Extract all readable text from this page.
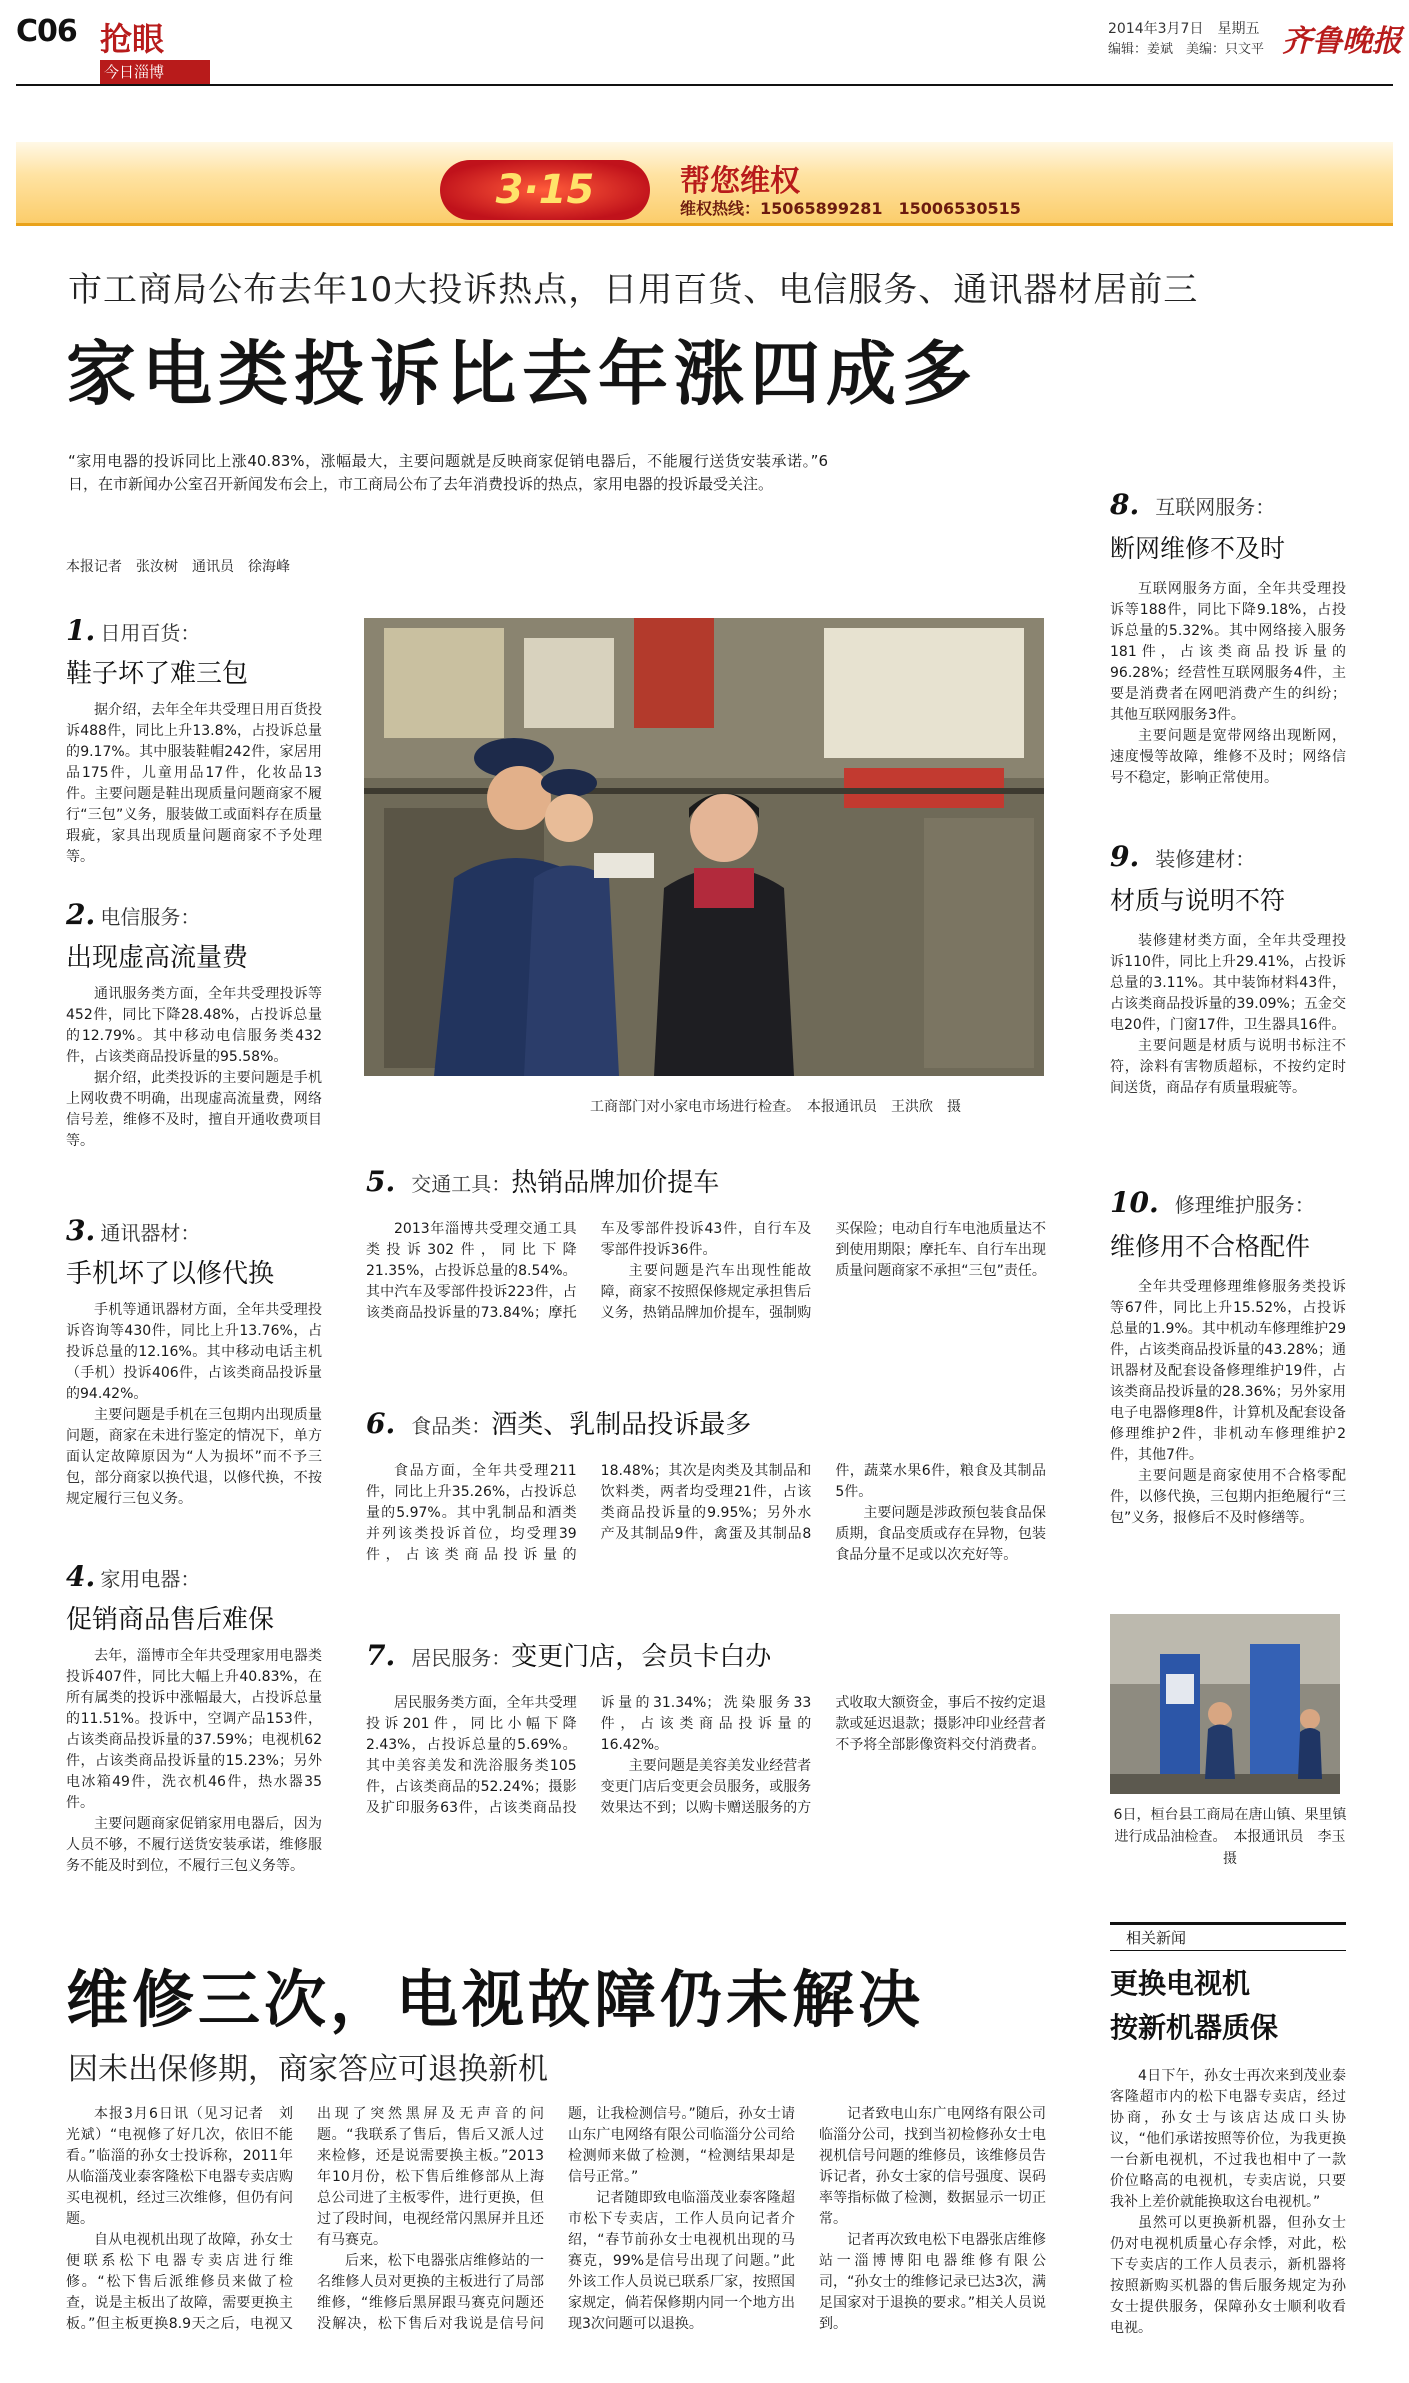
C06 抢眼
今日淄博
2014年3月7日　星期五
编辑：姜斌　美编：只文平 齐鲁晚报
3·15	帮您维权
维权热线：15065899281　15006530515
市工商局公布去年10大投诉热点，日用百货、电信服务、通讯器材居前三
家电类投诉比去年涨四成多
“家用电器的投诉同比上涨40.83%，涨幅最大，主要问题就是反映商家促销电器后，不能履行送货安装承诺。”6日，在市新闻办公室召开新闻发布会上，市工商局公布了去年消费投诉的热点，家用电器的投诉最受关注。
本报记者　张汝树　通讯员　徐海峰
1. 日用百货：
鞋子坏了难三包

据介绍，去年全年共受理日用百货投诉488件，同比上升13.8%，占投诉总量的9.17%。其中服装鞋帽242件，家居用品175件，儿童用品17件，化妆品13件。主要问题是鞋出现质量问题商家不履行“三包”义务，服装做工或面料存在质量瑕疵，家具出现质量问题商家不予处理等。

2. 电信服务：
出现虚高流量费

通讯服务类方面，全年共受理投诉等452件，同比下降28.48%，占投诉总量的12.79%。其中移动电信服务类432件，占该类商品投诉量的95.58%。

据介绍，此类投诉的主要问题是手机上网收费不明确，出现虚高流量费，网络信号差，维修不及时，擅自开通收费项目等。

3. 通讯器材：
手机坏了以修代换

手机等通讯器材方面，全年共受理投诉咨询等430件，同比上升13.76%，占投诉总量的12.16%。其中移动电话主机（手机）投诉406件，占该类商品投诉量的94.42%。

主要问题是手机在三包期内出现质量问题，商家在未进行鉴定的情况下，单方面认定故障原因为“人为损坏”而不予三包，部分商家以换代退，以修代换，不按规定履行三包义务。

4. 家用电器：
促销商品售后难保

去年，淄博市全年共受理家用电器类投诉407件，同比大幅上升40.83%，在所有属类的投诉中涨幅最大，占投诉总量的11.51%。投诉中，空调产品153件，占该类商品投诉量的37.59%；电视机62件，占该类商品投诉量的15.23%；另外电冰箱49件，洗衣机46件，热水器35件。

主要问题商家促销家用电器后，因为人员不够，不履行送货安装承诺，维修服务不能及时到位，不履行三包义务等。

工商部门对小家电市场进行检查。　本报通讯员　王洪欣　摄
5.　 交通工具：热销品牌加价提车

2013年淄博共受理交通工具类投诉302件，同比下降21.35%，占投诉总量的8.54%。其中汽车及零部件投诉223件，占该类商品投诉量的73.84%；摩托车及零部件投诉43件，自行车及零部件投诉36件。

主要问题是汽车出现性能故障，商家不按照保修规定承担售后义务，热销品牌加价提车，强制购买保险；电动自行车电池质量达不到使用期限；摩托车、自行车出现质量问题商家不承担“三包”责任。

6.　 食品类：酒类、乳制品投诉最多

食品方面，全年共受理211件，同比上升35.26%，占投诉总量的5.97%。其中乳制品和酒类并列该类投诉首位，均受理39件，占该类商品投诉量的18.48%；其次是肉类及其制品和饮料类，两者均受理21件，占该类商品投诉量的9.95%；另外水产及其制品9件，禽蛋及其制品8件，蔬菜水果6件，粮食及其制品5件。

主要问题是涉政预包装食品保质期，食品变质或存在异物，包装食品分量不足或以次充好等。

7.　 居民服务：变更门店，会员卡白办

居民服务类方面，全年共受理投诉201件，同比小幅下降2.43%，占投诉总量的5.69%。其中美容美发和洗浴服务类105件，占该类商品的52.24%；摄影及扩印服务63件，占该类商品投诉量的31.34%；洗染服务33件，占该类商品投诉量的16.42%。

主要问题是美容美发业经营者变更门店后变更会员服务，或服务效果达不到；以购卡赠送服务的方式收取大额资金，事后不按约定退款或延迟退款；摄影冲印业经营者不予将全部影像资料交付消费者。

8.　 互联网服务：
断网维修不及时

互联网服务方面，全年共受理投诉等188件，同比下降9.18%，占投诉总量的5.32%。其中网络接入服务181件，占该类商品投诉量的96.28%；经营性互联网服务4件，主要是消费者在网吧消费产生的纠纷；其他互联网服务3件。

主要问题是宽带网络出现断网，速度慢等故障，维修不及时；网络信号不稳定，影响正常使用。

9.　 装修建材：
材质与说明不符

装修建材类方面，全年共受理投诉110件，同比上升29.41%，占投诉总量的3.11%。其中装饰材料43件，占该类商品投诉量的39.09%；五金交电20件，门窗17件，卫生器具16件。

主要问题是材质与说明书标注不符，涂料有害物质超标，不按约定时间送货，商品存有质量瑕疵等。

10.　 修理维护服务：
维修用不合格配件

全年共受理修理维修服务类投诉等67件，同比上升15.52%，占投诉总量的1.9%。其中机动车修理维护29件，占该类商品投诉量的43.28%；通讯器材及配套设备修理维护19件，占该类商品投诉量的28.36%；另外家用电子电器修理8件，计算机及配套设备修理维护2件，非机动车修理维护2件，其他7件。

主要问题是商家使用不合格零配件，以修代换，三包期内拒绝履行“三包”义务，报修后不及时修缮等。

6日，桓台县工商局在唐山镇、果里镇进行成品油检查。　本报通讯员　李玉　摄
相关新闻
更换电视机
按新机器质保

4日下午，孙女士再次来到茂业泰客隆超市内的松下电器专卖店，经过协商，孙女士与该店达成口头协议，“他们承诺按照等价位，为我更换一台新电视机，不过我也相中了一款价位略高的电视机，专卖店说，只要我补上差价就能换取这台电视机。”

虽然可以更换新机器，但孙女士仍对电视机质量心存余悸，对此，松下专卖店的工作人员表示，新机器将按照新购买机器的售后服务规定为孙女士提供服务，保障孙女士顺利收看电视。

维修三次，电视故障仍未解决
因未出保修期，商家答应可退换新机

本报3月6日讯（见习记者　刘光斌）“电视修了好几次，依旧不能看。”临淄的孙女士投诉称，2011年从临淄茂业泰客隆松下电器专卖店购买电视机，经过三次维修，但仍有问题。

自从电视机出现了故障，孙女士便联系松下电器专卖店进行维修。“松下售后派维修员来做了检查，说是主板出了故障，需要更换主板。”但主板更换8.9天之后，电视又出现了突然黑屏及无声音的问题。“我联系了售后，售后又派人过来检修，还是说需要换主板。”2013年10月份，松下售后维修部从上海总公司进了主板零件，进行更换，但过了段时间，电视经常闪黑屏并且还有马赛克。

后来，松下电器张店维修站的一名维修人员对更换的主板进行了局部维修，“维修后黑屏跟马赛克问题还没解决，松下售后对我说是信号问题，让我检测信号。”随后，孙女士请山东广电网络有限公司临淄分公司给检测师来做了检测，“检测结果却是信号正常。”

记者随即致电临淄茂业泰客隆超市松下专卖店，工作人员向记者介绍，“春节前孙女士电视机出现的马赛克，99%是信号出现了问题。”此外该工作人员说已联系厂家，按照国家规定，倘若保修期内同一个地方出现3次问题可以退换。

记者致电山东广电网络有限公司临淄分公司，找到当初检修孙女士电视机信号问题的维修员，该维修员告诉记者，孙女士家的信号强度、误码率等指标做了检测，数据显示一切正常。

记者再次致电松下电器张店维修站一淄博博阳电器维修有限公司，“孙女士的维修记录已达3次，满足国家对于退换的要求。”相关人员说到。
